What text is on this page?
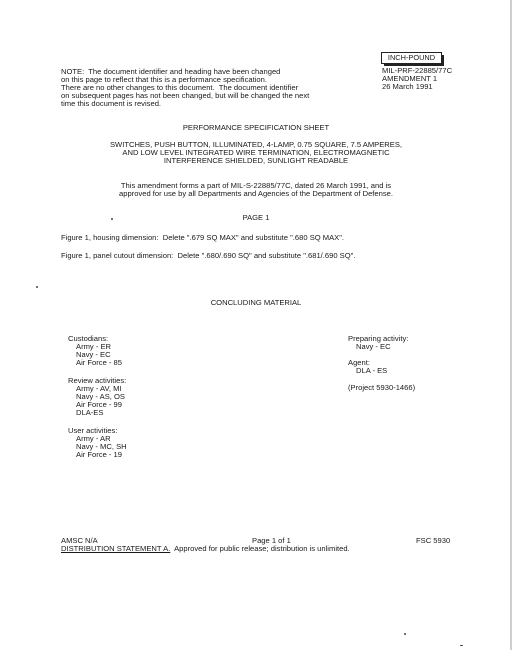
NOTE:  The document identifier and heading have been changed
on this page to reflect that this is a performance specification.
There are no other changes to this document.  The document identifier
on subsequent pages has not been changed, but will be changed the next
time this document is revised.
INCH-POUND
MIL-PRF-22885/77C
AMENDMENT 1
26 March 1991
PERFORMANCE SPECIFICATION SHEET
SWITCHES, PUSH BUTTON, ILLUMINATED, 4-LAMP, 0.75 SQUARE, 7.5 AMPERES,
AND LOW LEVEL INTEGRATED WIRE TERMINATION, ELECTROMAGNETIC
INTERFERENCE SHIELDED, SUNLIGHT READABLE
This amendment forms a part of MIL-S-22885/77C, dated 26 March 1991, and is
approved for use by all Departments and Agencies of the Department of Defense.
PAGE 1
Figure 1, housing dimension:  Delete ".679 SQ MAX" and substitute ".680 SQ MAX".
Figure 1, panel cutout dimension:  Delete ".680/.690 SQ" and substitute ".681/.690 SQ".
CONCLUDING MATERIAL
Custodians:
Army - ER
Navy - EC
Air Force - 85
Review activities:
Army - AV, MI
Navy - AS, OS
Air Force - 99
DLA-ES
User activities:
Army - AR
Navy - MC, SH
Air Force - 19
Preparing activity:
Navy - EC
Agent:
DLA - ES
(Project 5930-1466)
AMSC N/A	Page 1 of 1	FSC 5930
DISTRIBUTION STATEMENT A.  Approved for public release; distribution is unlimited.
